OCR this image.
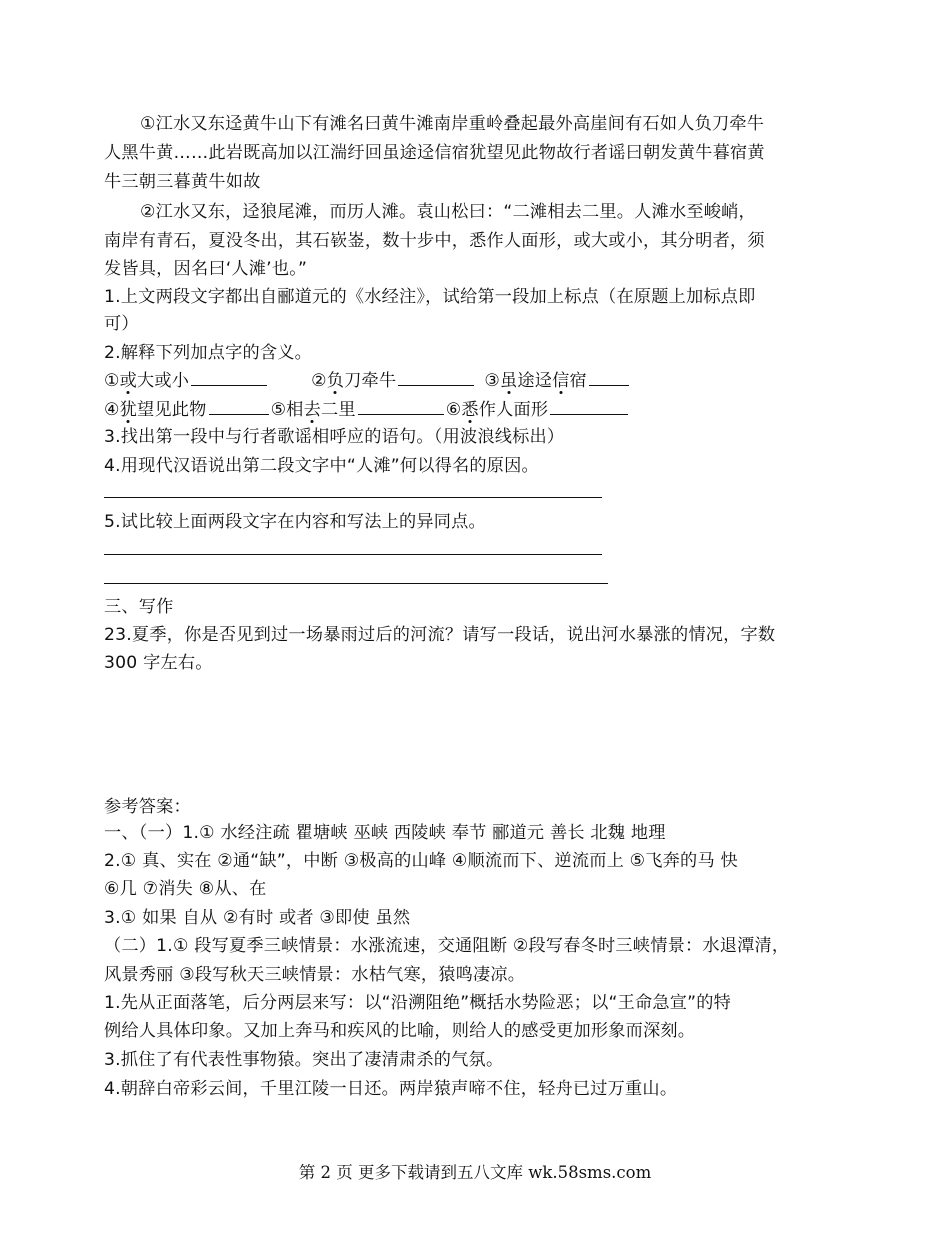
①江水又东迳黄牛山下有滩名曰黄牛滩南岸重岭叠起最外高崖间有石如人负刀牵牛
人黑牛黄……此岩既高加以江湍纡回虽途迳信宿犹望见此物故行者谣曰朝发黄牛暮宿黄
牛三朝三暮黄牛如故
②江水又东，迳狼尾滩，而历人滩。袁山松曰：“二滩相去二里。人滩水至峻峭，
南岸有青石，夏没冬出，其石嵚崟，数十步中，悉作人面形，或大或小，其分明者，须
发皆具，因名曰‘人滩’也。”
1.上文两段文字都出自郦道元的《水经注》，试给第一段加上标点（在原题上加标点即
可）
2.解释下列加点字的含义。
①或大或小	②负刀牵牛	③虽途迳信宿
④犹望见此物	⑤相去二里	⑥悉作人面形
3.找出第一段中与行者歌谣相呼应的语句。（用波浪线标出）
4.用现代汉语说出第二段文字中“人滩”何以得名的原因。
5.试比较上面两段文字在内容和写法上的异同点。
三、写作
23.夏季，你是否见到过一场暴雨过后的河流？请写一段话，说出河水暴涨的情况，字数
300 字左右。
参考答案：
一、（一）1.① 水经注疏 瞿塘峡 巫峡 西陵峡 奉节 郦道元 善长 北魏 地理
2.① 真、实在 ②通“缺”，中断 ③极高的山峰 ④顺流而下、逆流而上 ⑤飞奔的马 快
⑥几 ⑦消失 ⑧从、在
3.① 如果 自从 ②有时 或者 ③即使 虽然
（二）1.① 段写夏季三峡情景：水涨流速，交通阻断 ②段写春冬时三峡情景：水退潭清，
风景秀丽 ③段写秋天三峡情景：水枯气寒，猿鸣凄凉。
1.先从正面落笔，后分两层来写：以“沿溯阻绝”概括水势险恶；以“王命急宣”的特
例给人具体印象。又加上奔马和疾风的比喻，则给人的感受更加形象而深刻。
3.抓住了有代表性事物猿。突出了凄清肃杀的气氛。
4.朝辞白帝彩云间，千里江陵一日还。两岸猿声啼不住，轻舟已过万重山。
第 2 页 更多下载请到五八文库 wk.58sms.com
